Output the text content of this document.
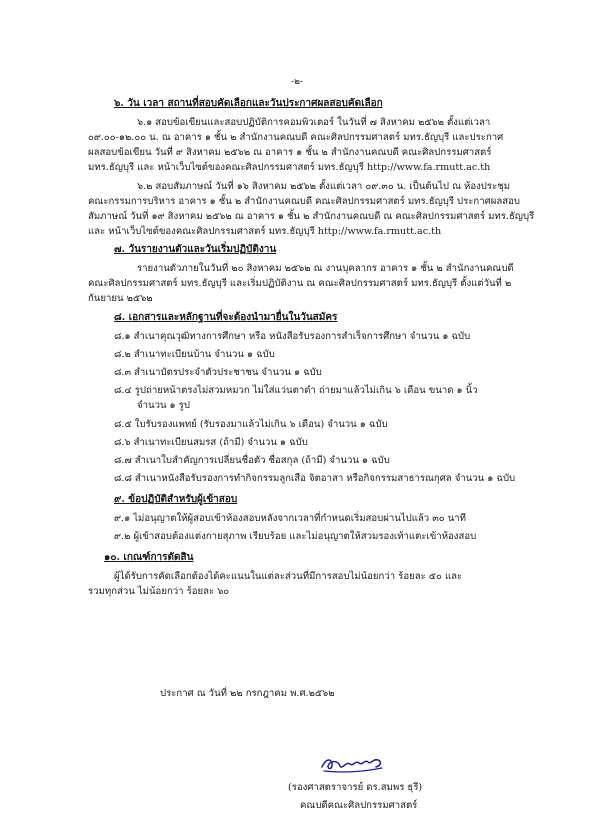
-๒-
๖. วัน เวลา สถานที่สอบคัดเลือกและวันประกาศผลสอบคัดเลือก
๖.๑ สอบข้อเขียนและสอบปฏิบัติการคอมพิวเตอร์ ในวันที่ ๗ สิงหาคม ๒๕๖๒ ตั้งแต่เวลา
๐๙.๐๐-๑๒.๐๐ น. ณ อาคาร ๑ ชั้น ๒ สำนักงานคณบดี คณะศิลปกรรมศาสตร์ มทร.ธัญบุรี และประกาศ
ผลสอบข้อเขียน วันที่ ๙ สิงหาคม ๒๕๖๒ ณ อาคาร ๑ ชั้น ๒ สำนักงานคณบดี คณะศิลปกรรมศาสตร์
มทร.ธัญบุรี และ หน้าเว็บไซต์ของคณะศิลปกรรมศาสตร์ มทร.ธัญบุรี http://www.fa.rmutt.ac.th
๖.๒ สอบสัมภาษณ์ วันที่ ๑๖ สิงหาคม ๒๕๖๒ ตั้งแต่เวลา ๐๙.๓๐ น. เป็นต้นไป ณ ห้องประชุม
คณะกรรมการบริหาร อาคาร ๑ ชั้น ๒ สำนักงานคณบดี คณะศิลปกรรมศาสตร์ มทร.ธัญบุรี ประกาศผลสอบ
สัมภาษณ์ วันที่ ๑๙ สิงหาคม ๒๕๖๒ ณ อาคาร ๑ ชั้น ๒ สำนักงานคณบดี ณ คณะศิลปกรรมศาสตร์ มทร.ธัญบุรี
และ หน้าเว็บไซต์ของคณะศิลปกรรมศาสตร์ มทร.ธัญบุรี http://www.fa.rmutt.ac.th
๗. วันรายงานตัวและวันเริ่มปฏิบัติงาน
รายงานตัวภายในวันที่ ๒๐ สิงหาคม ๒๕๖๒ ณ งานบุคลากร อาคาร ๑ ชั้น ๒ สำนักงานคณบดี
คณะศิลปกรรมศาสตร์ มทร.ธัญบุรี และเริ่มปฏิบัติงาน ณ คณะศิลปกรรมศาสตร์ มทร.ธัญบุรี ตั้งแต่วันที่ ๒
กันยายน ๒๕๖๒
๘. เอกสารและหลักฐานที่จะต้องนำมายื่นในวันสมัคร
๘.๑ สำเนาคุณวุฒิทางการศึกษา หรือ หนังสือรับรองการสำเร็จการศึกษา จำนวน ๑ ฉบับ
๘.๒ สำเนาทะเบียนบ้าน จำนวน ๑ ฉบับ
๘.๓ สำเนาบัตรประจำตัวประชาชน จำนวน ๑ ฉบับ
๘.๔ รูปถ่ายหน้าตรงไม่สวมหมวก ไม่ใส่แว่นตาดำ ถ่ายมาแล้วไม่เกิน ๖ เดือน ขนาด ๑ นิ้ว
จำนวน ๑ รูป
๘.๕ ใบรับรองแพทย์ (รับรองมาแล้วไม่เกิน ๖ เดือน) จำนวน ๑ ฉบับ
๘.๖ สำเนาทะเบียนสมรส (ถ้ามี) จำนวน ๑ ฉบับ
๘.๗ สำเนาใบสำคัญการเปลี่ยนชื่อตัว ชื่อสกุล (ถ้ามี) จำนวน ๑ ฉบับ
๘.๘ สำเนาหนังสือรับรองการทำกิจกรรมลูกเสือ จิตอาสา หรือกิจกรรมสาธารณกุศล จำนวน ๑ ฉบับ
๙. ข้อปฏิบัติสำหรับผู้เข้าสอบ
๙.๑ ไม่อนุญาตให้ผู้สอบเข้าห้องสอบหลังจากเวลาที่กำหนดเริ่มสอบผ่านไปแล้ว ๓๐ นาที
๙.๒ ผู้เข้าสอบต้องแต่งกายสุภาพ เรียบร้อย และไม่อนุญาตให้สวมรองเท้าแตะเข้าห้องสอบ
๑๐. เกณฑ์การตัดสิน
ผู้ได้รับการคัดเลือกต้องได้คะแนนในแต่ละส่วนที่มีการสอบไม่น้อยกว่า ร้อยละ ๕๐ และ
รวมทุกส่วน ไม่น้อยกว่า ร้อยละ ๖๐
ประกาศ ณ วันที่ ๒๒ กรกฎาคม พ.ศ.๒๕๖๒
(รองศาสตราจารย์ ดร.สมพร ธุรี)
คณบดีคณะศิลปกรรมศาสตร์
